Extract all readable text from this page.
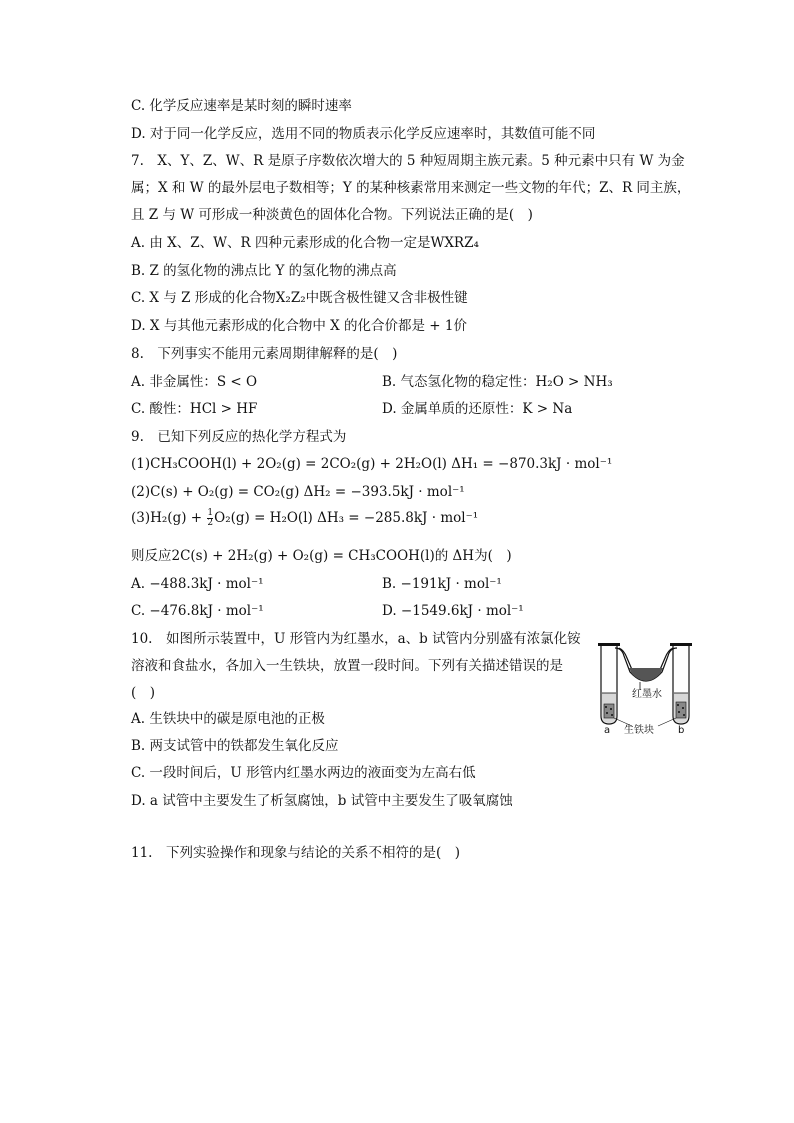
C. 化学反应速率是某时刻的瞬时速率
D. 对于同一化学反应，选用不同的物质表示化学反应速率时，其数值可能不同
7.　X、Y、Z、W、R 是原子序数依次增大的 5 种短周期主族元素。5 种元素中只有 W 为金
属；X 和 W 的最外层电子数相等；Y 的某种核素常用来测定一些文物的年代；Z、R 同主族，
且 Z 与 W 可形成一种淡黄色的固体化合物。下列说法正确的是(　)
A. 由 X、Z、W、R 四种元素形成的化合物一定是WXRZ₄
B. Z 的氢化物的沸点比 Y 的氢化物的沸点高
C. X 与 Z 形成的化合物X₂Z₂中既含极性键又含非极性键
D. X 与其他元素形成的化合物中 X 的化合价都是 + 1价
8.　下列事实不能用元素周期律解释的是(　)
A. 非金属性：S < O	B. 气态氢化物的稳定性：H₂O > NH₃
C. 酸性：HCl > HF	D. 金属单质的还原性：K > Na
9.　已知下列反应的热化学方程式为
(1)CH₃COOH(l) + 2O₂(g) = 2CO₂(g) + 2H₂O(l) ΔH₁ = −870.3kJ · mol⁻¹
(2)C(s) + O₂(g) = CO₂(g) ΔH₂ = −393.5kJ · mol⁻¹
$(3)H_2(g) + \frac{1}{2} O_2(g) = H_2O(l) \Delta H_3 = -285.8kJ \cdot mol^{-1}$
则反应2C(s) + 2H₂(g) + O₂(g) = CH₃COOH(l)的 ΔH为(　)
A. −488.3kJ · mol⁻¹	B. −191kJ · mol⁻¹
C. −476.8kJ · mol⁻¹	D. −1549.6kJ · mol⁻¹
10.　如图所示装置中，U 形管内为红墨水，a、b 试管内分别盛有浓氯化铵
溶液和食盐水，各加入一生铁块，放置一段时间。下列有关描述错误的是
(　)
A. 生铁块中的碳是原电池的正极
B. 两支试管中的铁都发生氧化反应
C. 一段时间后，U 形管内红墨水两边的液面变为左高右低
D. a 试管中主要发生了析氢腐蚀，b 试管中主要发生了吸氧腐蚀
11.　下列实验操作和现象与结论的关系不相符的是(　)
红墨水
生铁块
a	b
